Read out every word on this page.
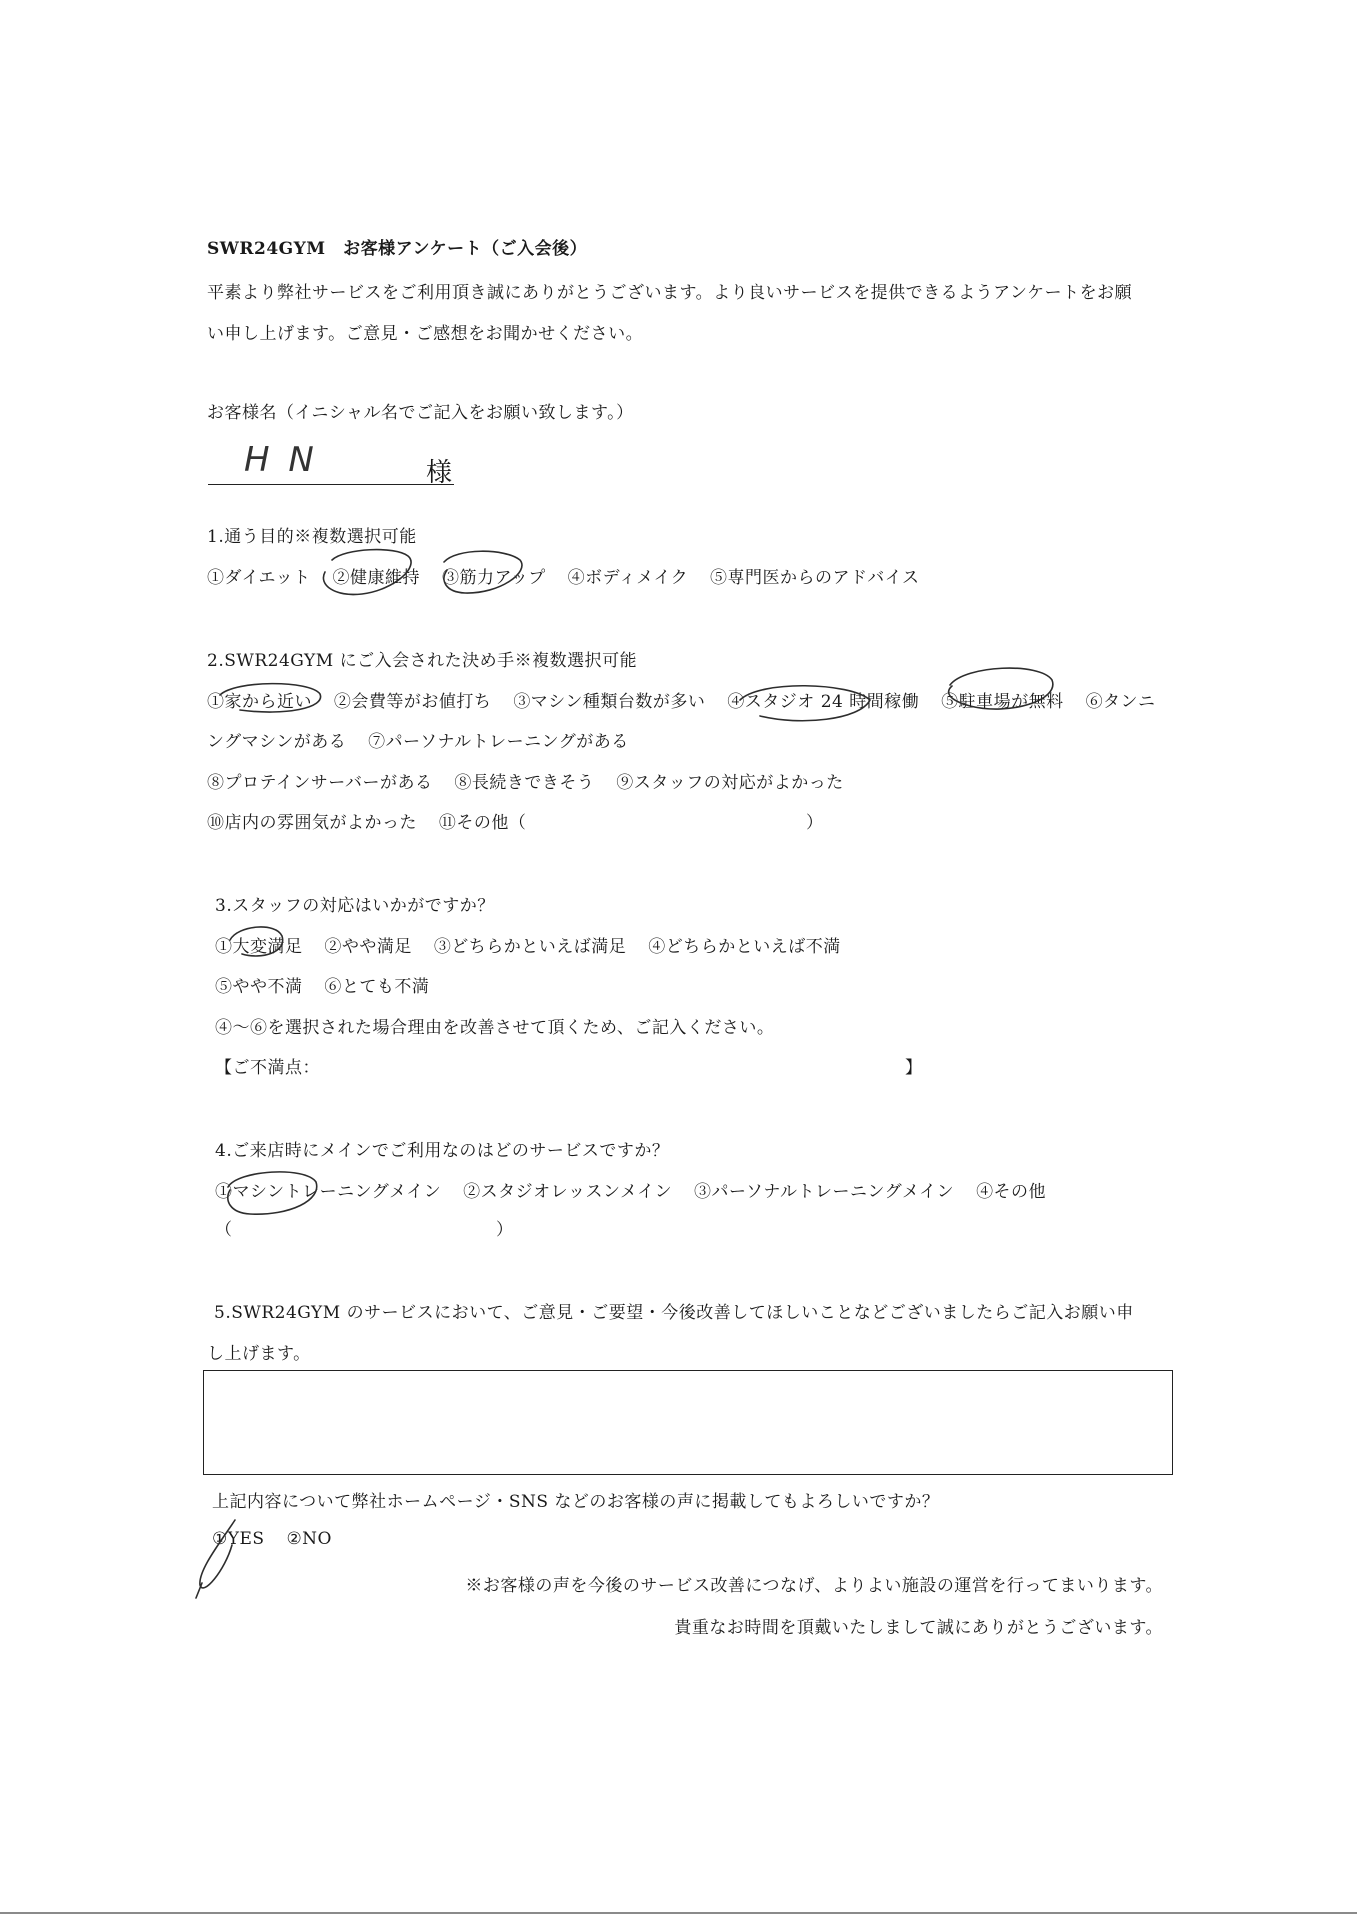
SWR24GYM　お客様アンケート（ご入会後）
平素より弊社サービスをご利用頂き誠にありがとうございます。より良いサービスを提供できるようアンケートをお願
い申し上げます。ご意見・ご感想をお聞かせください。
お客様名（イニシャル名でご記入をお願い致します。）
H N	様
1.通う目的※複数選択可能
①ダイエット ②健康維持 ③筋力アップ ④ボディメイク ⑤専門医からのアドバイス
2.SWR24GYM にご入会された決め手※複数選択可能
①家から近い ②会費等がお値打ち ③マシン種類台数が多い ④スタジオ 24 時間稼働 ⑤駐車場が無料 ⑥タンニ
ングマシンがある ⑦パーソナルトレーニングがある
⑧プロテインサーバーがある ⑧長続きできそう ⑨スタッフの対応がよかった
⑩店内の雰囲気がよかった ⑪その他（	）
3.スタッフの対応はいかがですか？
①大変満足 ②やや満足 ③どちらかといえば満足 ④どちらかといえば不満
⑤やや不満 ⑥とても不満
④〜⑥を選択された場合理由を改善させて頂くため、ご記入ください。
【ご不満点：	】
4.ご来店時にメインでご利用なのはどのサービスですか？
①マシントレーニングメイン ②スタジオレッスンメイン ③パーソナルトレーニングメイン ④その他
（	）
5.SWR24GYM のサービスにおいて、ご意見・ご要望・今後改善してほしいことなどございましたらご記入お願い申
し上げます。
上記内容について弊社ホームページ・SNS などのお客様の声に掲載してもよろしいですか？
①YES ②NO
※お客様の声を今後のサービス改善につなげ、よりよい施設の運営を行ってまいります。
貴重なお時間を頂戴いたしまして誠にありがとうございます。
